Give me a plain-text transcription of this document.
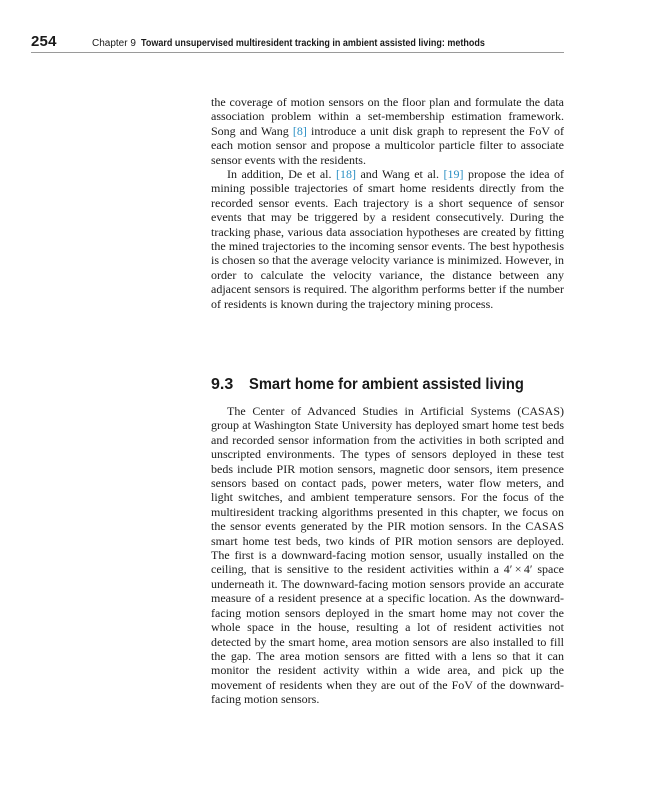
254	Chapter 9 Toward unsupervised multiresident tracking in ambient assisted living: methods

the coverage of motion sensors on the floor plan and formulate the data association problem within a set-membership estimation framework. Song and Wang [8] introduce a unit disk graph to represent the FoV of each motion sensor and propose a multicolor particle filter to associate sensor events with the residents.

In addition, De et al. [18] and Wang et al. [19] propose the idea of mining possible trajectories of smart home residents directly from the recorded sensor events. Each trajectory is a short sequence of sensor events that may be triggered by a resident consecutively. During the tracking phase, various data association hypotheses are created by fitting the mined trajectories to the incoming sensor events. The best hypothesis is chosen so that the average velocity variance is minimized. However, in order to calculate the velocity variance, the distance between any adjacent sensors is required. The algorithm performs better if the number of residents is known during the trajectory mining process.

9.3 Smart home for ambient assisted living

The Center of Advanced Studies in Artificial Systems (CASAS) group at Washington State University has deployed smart home test beds and recorded sensor information from the activities in both scripted and unscripted environments. The types of sensors deployed in these test beds include PIR motion sensors, magnetic door sensors, item presence sensors based on contact pads, power meters, water flow meters, and light switches, and ambient temperature sensors. For the focus of the multiresident tracking algorithms presented in this chapter, we focus on the sensor events generated by the PIR motion sensors. In the CASAS smart home test beds, two kinds of PIR motion sensors are deployed. The first is a downward-facing motion sensor, usually installed on the ceiling, that is sensitive to the resident activities within a 4′ × 4′ space underneath it. The downward-facing motion sensors provide an accurate measure of a resident presence at a specific location. As the downward-facing motion sensors deployed in the smart home may not cover the whole space in the house, resulting a lot of resident activities not detected by the smart home, area motion sensors are also installed to fill the gap. The area motion sensors are fitted with a lens so that it can monitor the resident activity within a wide area, and pick up the movement of residents when they are out of the FoV of the downward-facing motion sensors.
